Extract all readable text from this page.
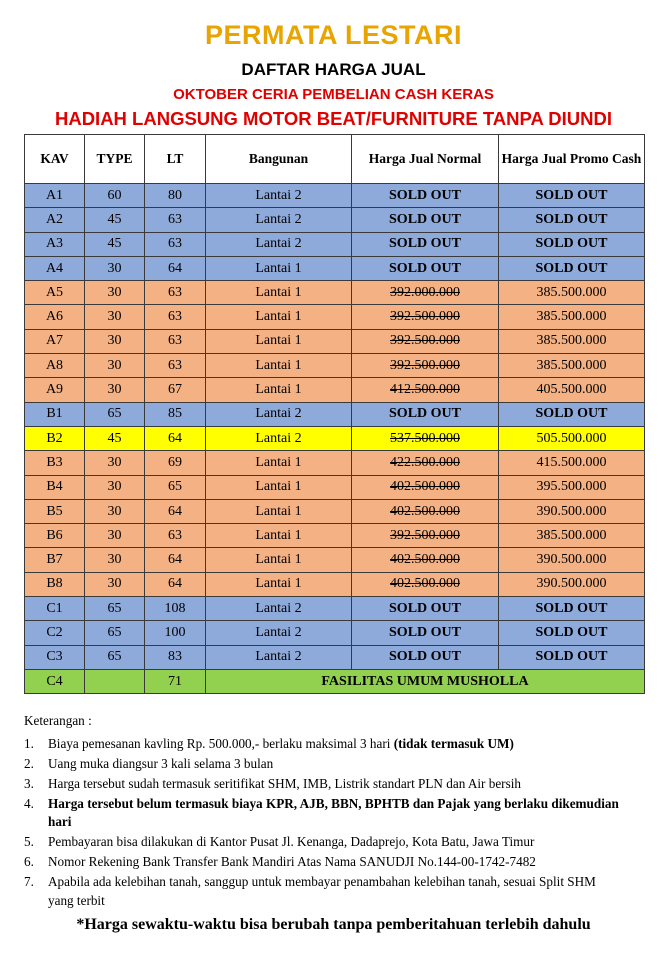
PERMATA LESTARI
DAFTAR HARGA JUAL
OKTOBER CERIA PEMBELIAN CASH KERAS
HADIAH LANGSUNG MOTOR BEAT/FURNITURE TANPA DIUNDI
KAV	TYPE	LT	Bangunan	Harga Jual Normal	Harga Jual Promo Cash
A1	60	80	Lantai 2	SOLD OUT	SOLD OUT
A2	45	63	Lantai 2	SOLD OUT	SOLD OUT
A3	45	63	Lantai 2	SOLD OUT	SOLD OUT
A4	30	64	Lantai 1	SOLD OUT	SOLD OUT
A5	30	63	Lantai 1	392.000.000	385.500.000
A6	30	63	Lantai 1	392.500.000	385.500.000
A7	30	63	Lantai 1	392.500.000	385.500.000
A8	30	63	Lantai 1	392.500.000	385.500.000
A9	30	67	Lantai 1	412.500.000	405.500.000
B1	65	85	Lantai 2	SOLD OUT	SOLD OUT
B2	45	64	Lantai 2	537.500.000	505.500.000
B3	30	69	Lantai 1	422.500.000	415.500.000
B4	30	65	Lantai 1	402.500.000	395.500.000
B5	30	64	Lantai 1	402.500.000	390.500.000
B6	30	63	Lantai 1	392.500.000	385.500.000
B7	30	64	Lantai 1	402.500.000	390.500.000
B8	30	64	Lantai 1	402.500.000	390.500.000
C1	65	108	Lantai 2	SOLD OUT	SOLD OUT
C2	65	100	Lantai 2	SOLD OUT	SOLD OUT
C3	65	83	Lantai 2	SOLD OUT	SOLD OUT
C4		71	FASILITAS UMUM MUSHOLLA		
Keterangan :
1.	Biaya pemesanan kavling Rp. 500.000,- berlaku maksimal 3 hari (tidak termasuk UM)
2.	Uang muka diangsur 3 kali selama 3 bulan
3.	Harga tersebut sudah termasuk seritifikat SHM, IMB, Listrik standart PLN dan Air bersih
4.	Harga tersebut belum termasuk biaya KPR, AJB, BBN, BPHTB dan Pajak yang berlaku dikemudian hari
5.	Pembayaran bisa dilakukan di Kantor Pusat Jl. Kenanga, Dadaprejo, Kota Batu, Jawa Timur
6.	Nomor Rekening Bank Transfer Bank Mandiri Atas Nama SANUDJI No.144-00-1742-7482
7.	Apabila ada kelebihan tanah, sanggup untuk membayar penambahan kelebihan tanah, sesuai Split SHM yang terbit
*Harga sewaktu-waktu bisa berubah tanpa pemberitahuan terlebih dahulu
